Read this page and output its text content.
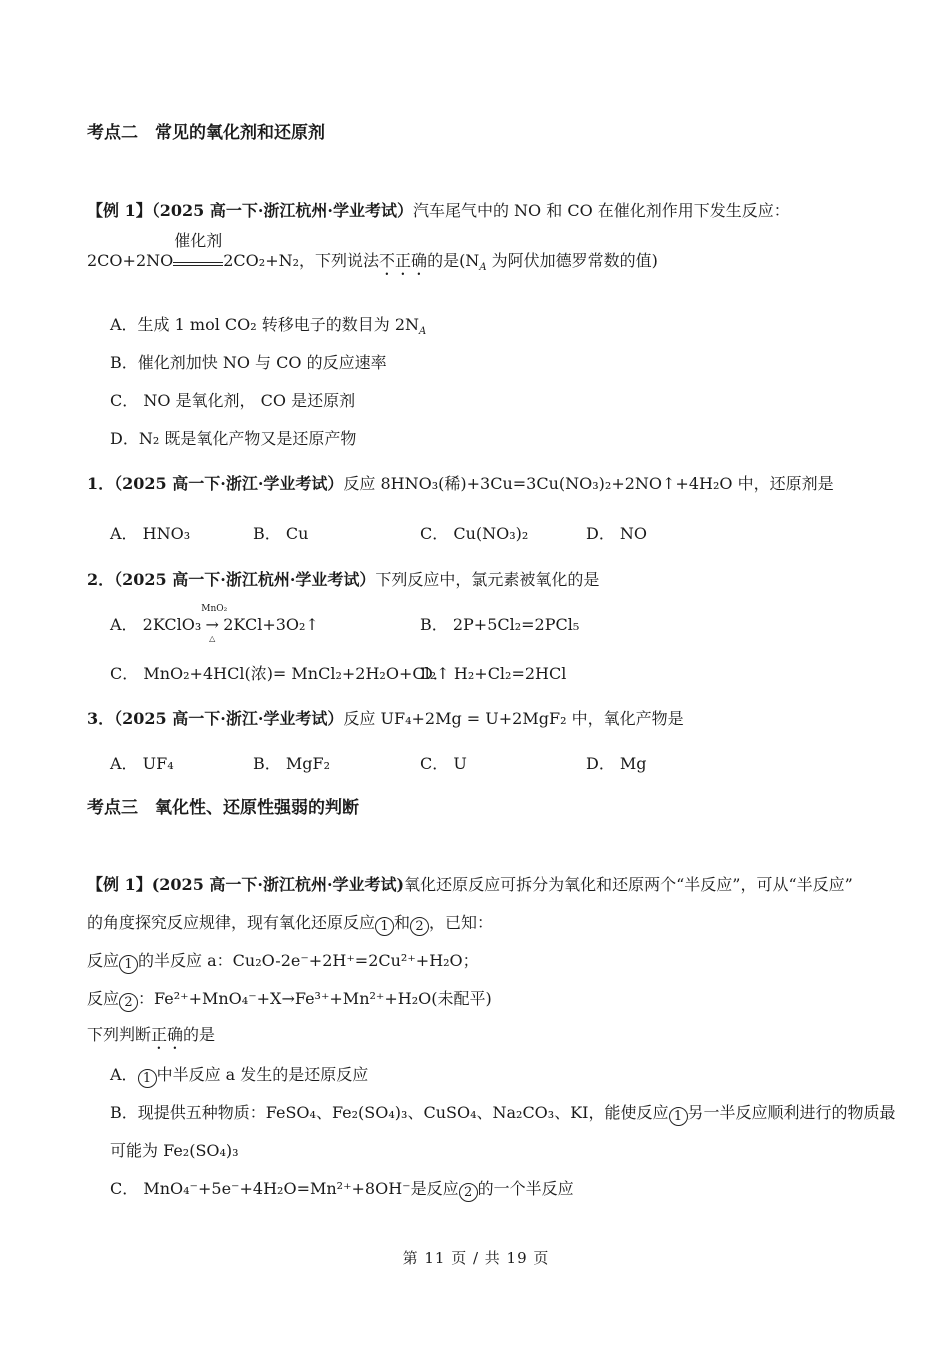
考点二　常见的氧化剂和还原剂
【例 1】（2025 高一下·浙江杭州·学业考试）汽车尾气中的 NO 和 CO 在催化剂作用下发生反应：
2CO+2NO
催化剂
2CO₂+N₂，下列说法不正确的是($N_A$ 为阿伏加德罗常数的值)
A．生成 1 mol CO₂ 转移电子的数目为 $2N_A$
B．催化剂加快 NO 与 CO 的反应速率
C． NO 是氧化剂， CO 是还原剂
D．N₂ 既是氧化产物又是还原产物
1．（2025 高一下·浙江·学业考试）反应 8HNO₃(稀)+3Cu=3Cu(NO₃)₂+2NO↑+4H₂O 中，还原剂是
A． HNO₃	B． Cu	C． Cu(NO₃)₂	D． NO
2．（2025 高一下·浙江杭州·学业考试）下列反应中，氯元素被氧化的是
A． 2KClO₃
MnO₂
→
△
2KCl+3O₂↑	B． 2P+5Cl₂=2PCl₅
C． MnO₂+4HCl(浓)= MnCl₂+2H₂O+Cl₂↑
D． H₂+Cl₂=2HCl
3．（2025 高一下·浙江·学业考试）反应 UF₄+2Mg = U+2MgF₂ 中，氧化产物是
A． UF₄	B． MgF₂	C． U	D． Mg
考点三　氧化性、还原性强弱的判断
【例 1】(2025 高一下·浙江杭州·学业考试)氧化还原反应可拆分为氧化和还原两个“半反应”，可从“半反应”
的角度探究反应规律，现有氧化还原反应 1 和 2 ，已知：
反应 1 的半反应 a：Cu₂O-2e⁻+2H⁺=2Cu²⁺+H₂O；
反应 2 ：Fe²⁺+MnO₄⁻+X→Fe³⁺+Mn²⁺+H₂O(未配平)
下列判断正确的是
A． 1 中半反应 a 发生的是还原反应
B．现提供五种物质：FeSO₄、Fe₂(SO₄)₃、CuSO₄、Na₂CO₃、KI，能使反应 1 另一半反应顺利进行的物质最
可能为 Fe₂(SO₄)₃
C． MnO₄⁻+5e⁻+4H₂O=Mn²⁺+8OH⁻是反应 2 的一个半反应
第 11 页 / 共 19 页
